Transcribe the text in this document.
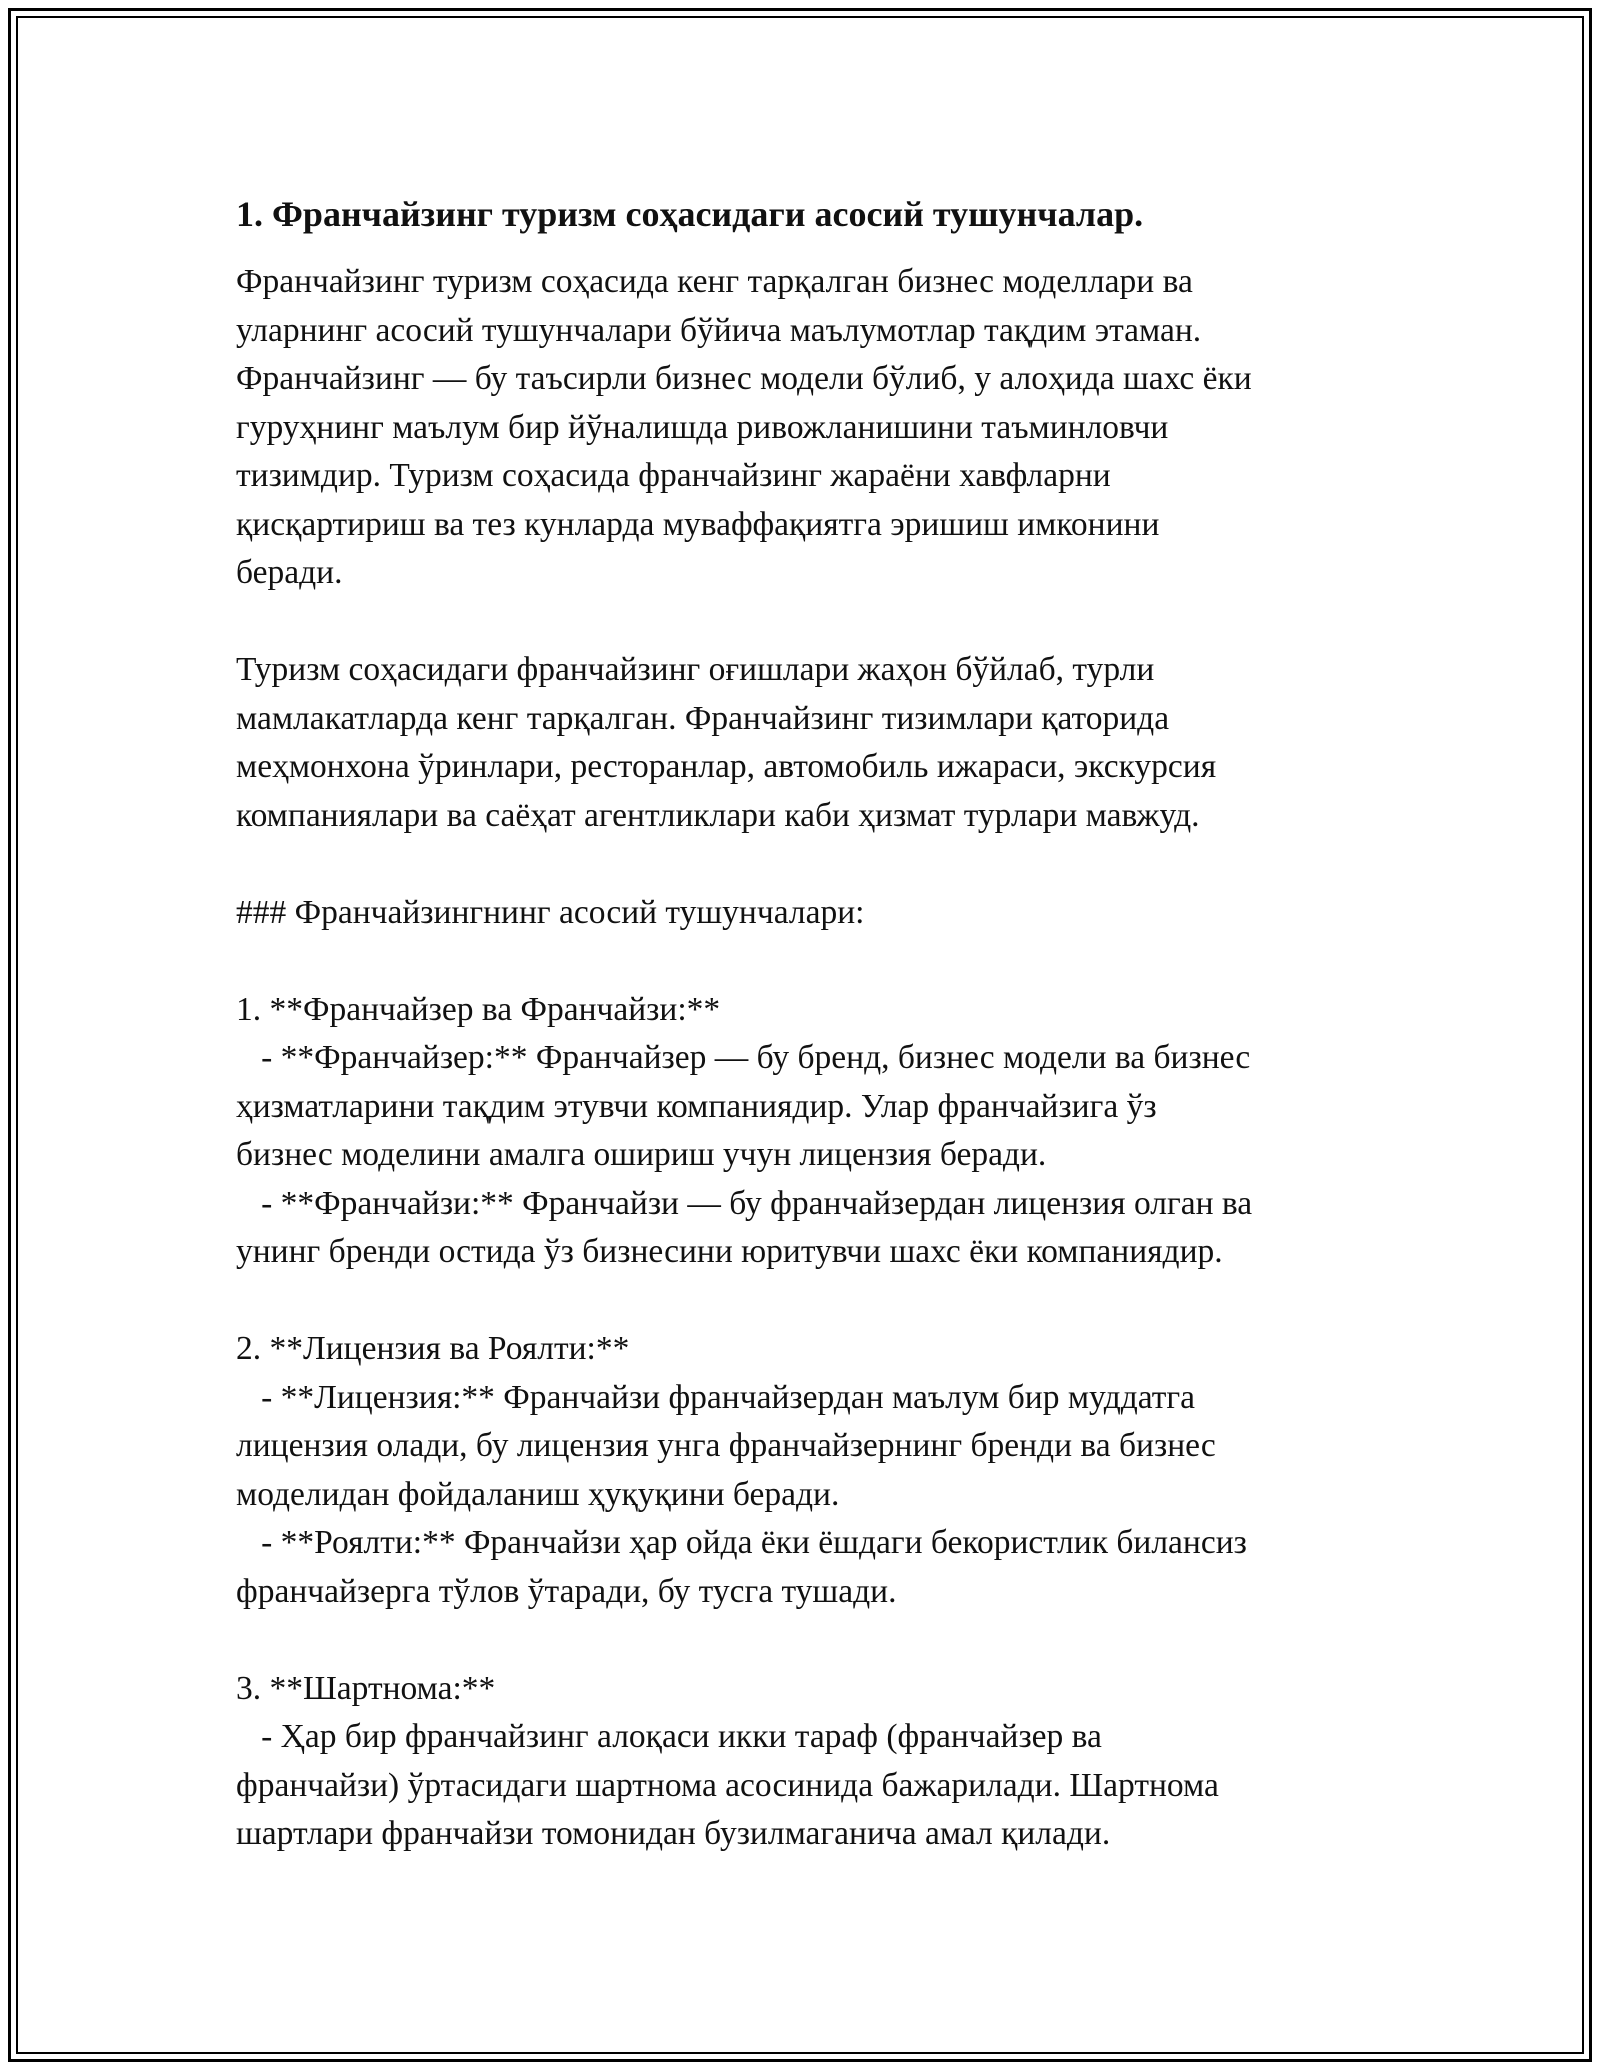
1. Франчайзинг туризм соҳасидаги асосий тушунчалар.
Франчайзинг туризм соҳасида кенг тарқалган бизнес моделлари ва
уларнинг асосий тушунчалари бўйича маълумотлар тақдим этаман.
Франчайзинг — бу таъсирли бизнес модели бўлиб, у алоҳида шахс ёки
гуруҳнинг маълум бир йўналишда ривожланишини таъминловчи
тизимдир. Туризм соҳасида франчайзинг жараёни хавфларни
қисқартириш ва тез кунларда муваффақиятга эришиш имконини
беради.
Туризм соҳасидаги франчайзинг оғишлари жаҳон бўйлаб, турли
мамлакатларда кенг тарқалган. Франчайзинг тизимлари қаторида
меҳмонхона ўринлари, ресторанлар, автомобиль ижараси, экскурсия
компаниялари ва саёҳат агентликлари каби ҳизмат турлари мавжуд.
### Франчайзингнинг асосий тушунчалари:
1. **Франчайзер ва Франчайзи:**
- **Франчайзер:** Франчайзер — бу бренд, бизнес модели ва бизнес
ҳизматларини тақдим этувчи компаниядир. Улар франчайзига ўз
бизнес моделини амалга ошириш учун лицензия беради.
- **Франчайзи:** Франчайзи — бу франчайзердан лицензия олган ва
унинг бренди остида ўз бизнесини юритувчи шахс ёки компаниядир.
2. **Лицензия ва Роялти:**
- **Лицензия:** Франчайзи франчайзердан маълум бир муддатга
лицензия олади, бу лицензия унга франчайзернинг бренди ва бизнес
моделидан фойдаланиш ҳуқуқини беради.
- **Роялти:** Франчайзи ҳар ойда ёки ёшдаги бекористлик билансиз
франчайзерга тўлов ўтаради, бу тусга тушади.
3. **Шартнома:**
- Ҳар бир франчайзинг алоқаси икки тараф (франчайзер ва
франчайзи) ўртасидаги шартнома асосинида бажарилади. Шартнома
шартлари франчайзи томонидан бузилмаганича амал қилади.
